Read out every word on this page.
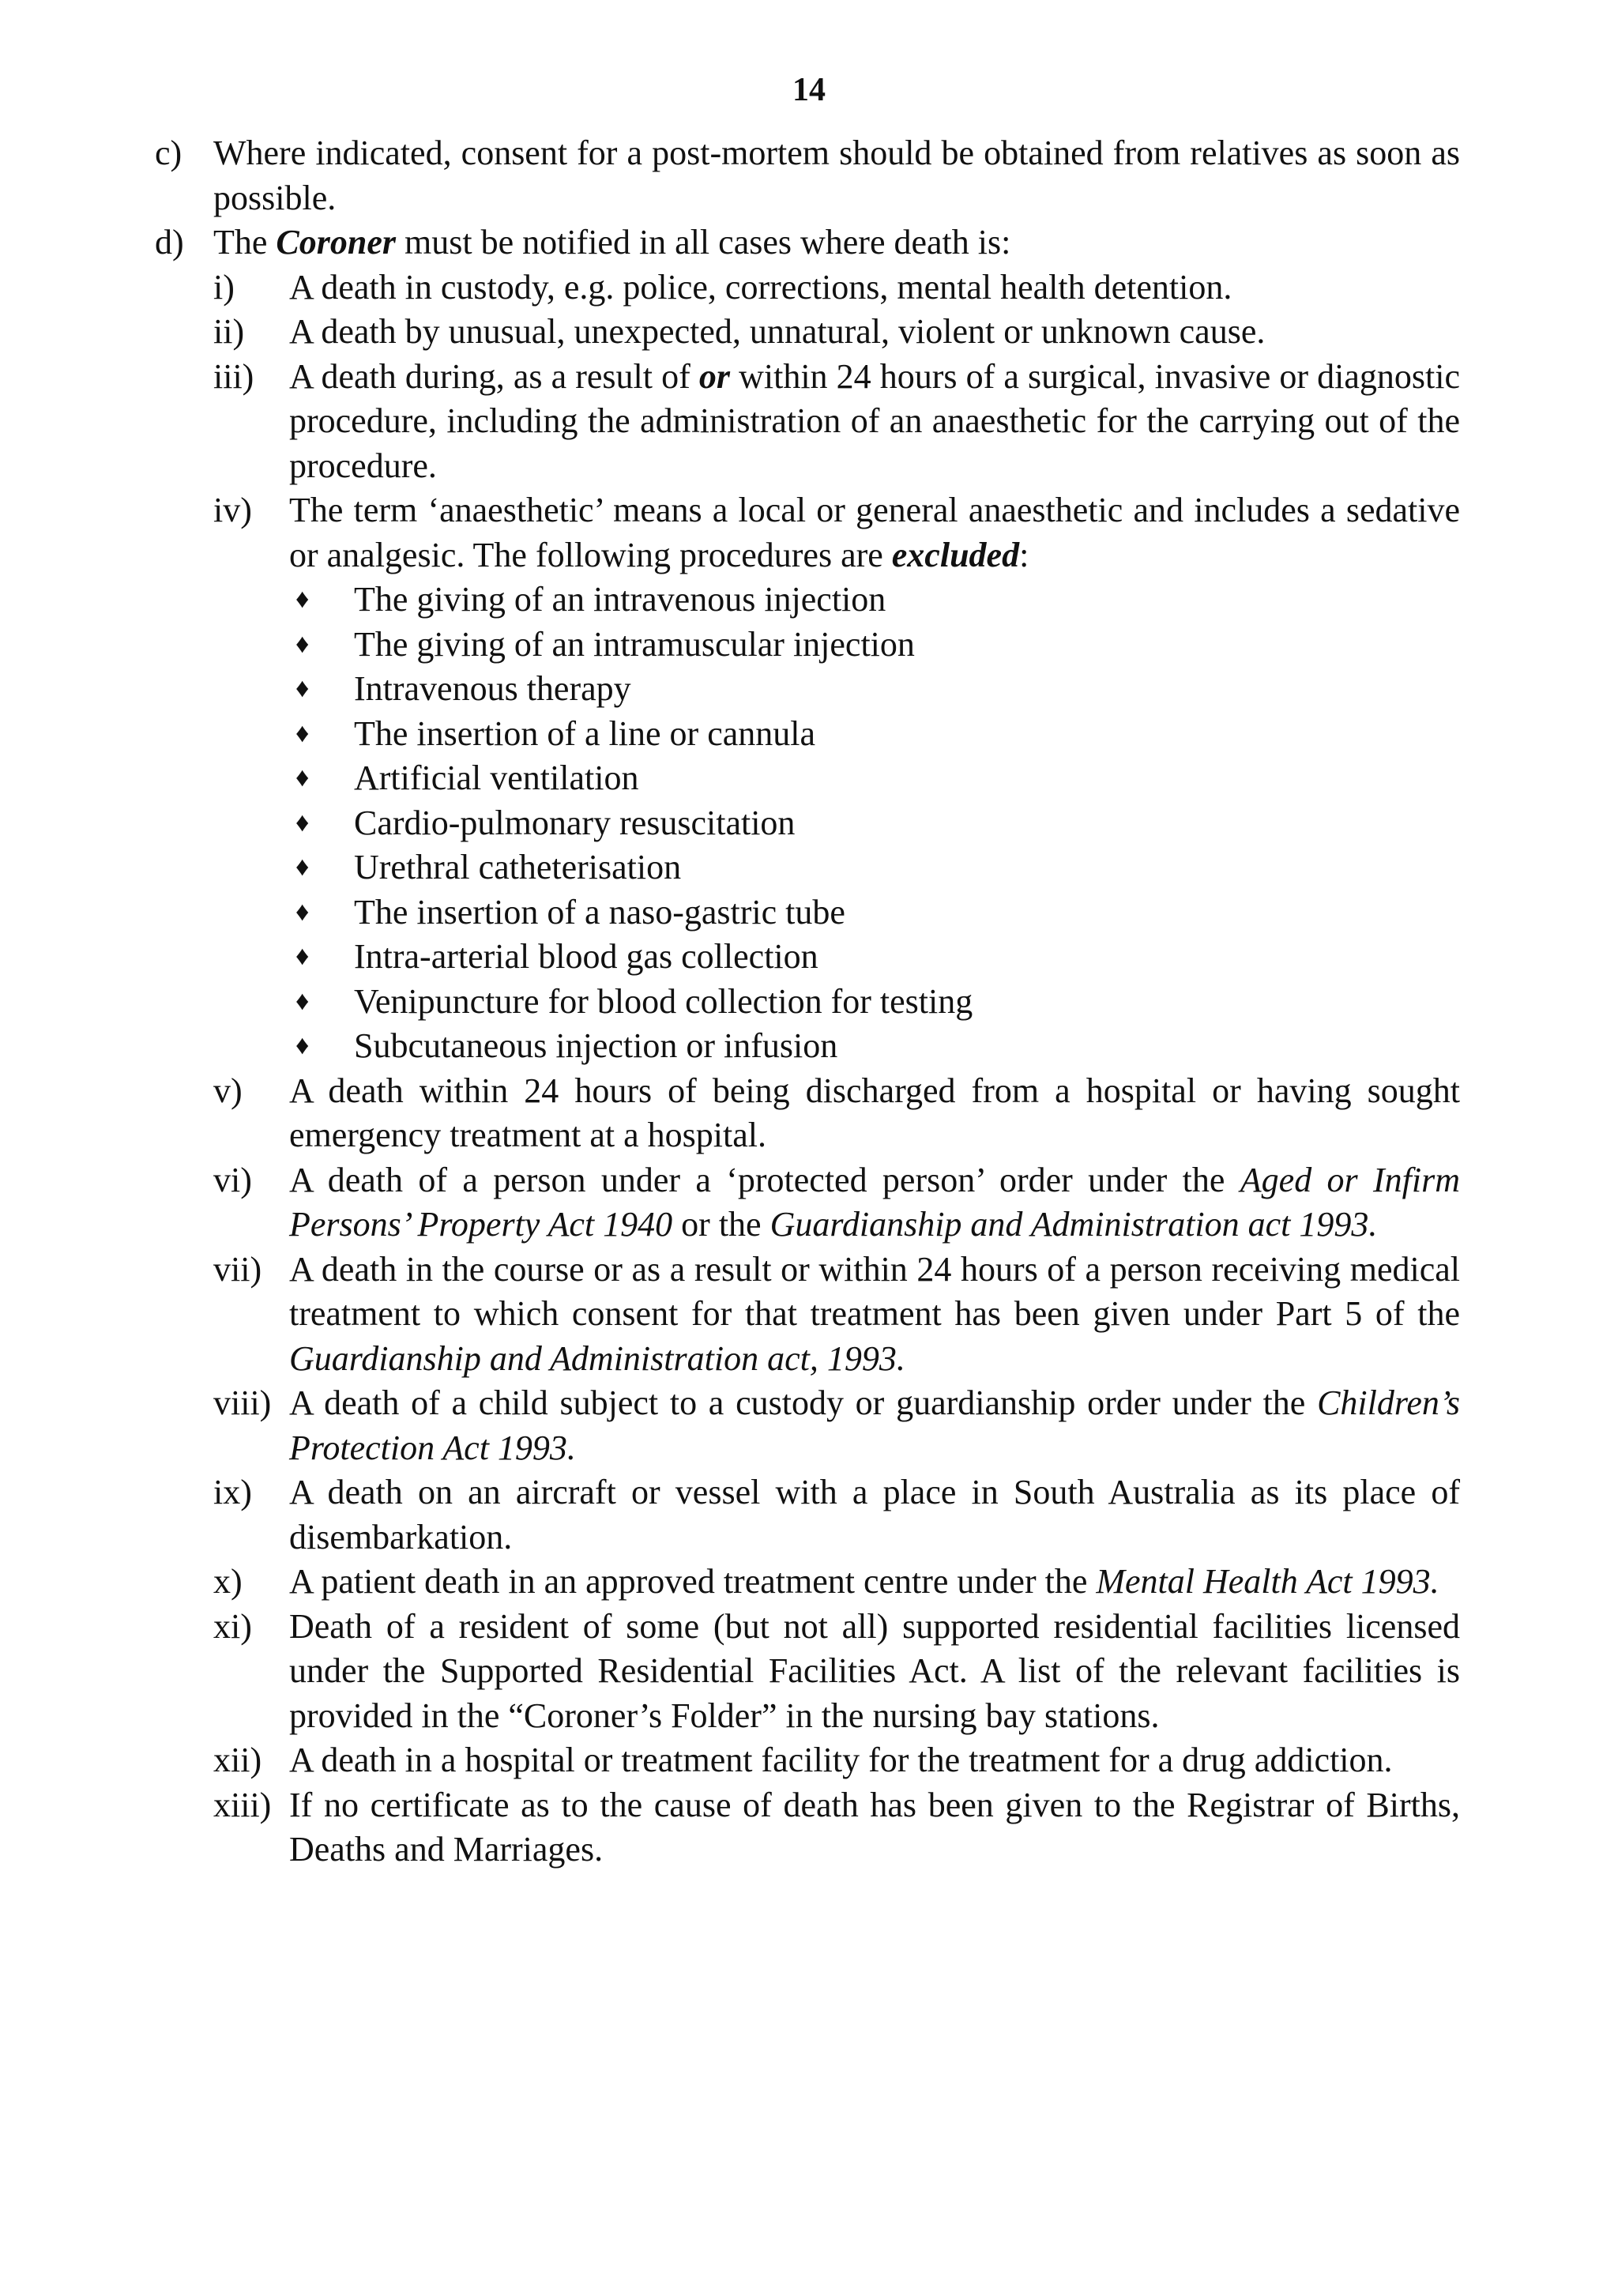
14
c) Where indicated, consent for a post-mortem should be obtained from relatives as soon as possible.
d) The Coroner must be notified in all cases where death is:
i) A death in custody, e.g. police, corrections, mental health detention.
ii) A death by unusual, unexpected, unnatural, violent or unknown cause.
iii) A death during, as a result of or within 24 hours of a surgical, invasive or diagnostic procedure, including the administration of an anaesthetic for the carrying out of the procedure.
iv) The term ‘anaesthetic’ means a local or general anaesthetic and includes a sedative or analgesic. The following procedures are excluded:
♦ The giving of an intravenous injection
♦ The giving of an intramuscular injection
♦ Intravenous therapy
♦ The insertion of a line or cannula
♦ Artificial ventilation
♦ Cardio-pulmonary resuscitation
♦ Urethral catheterisation
♦ The insertion of a naso-gastric tube
♦ Intra-arterial blood gas collection
♦ Venipuncture for blood collection for testing
♦ Subcutaneous injection or infusion
v) A death within 24 hours of being discharged from a hospital or having sought emergency treatment at a hospital.
vi) A death of a person under a ‘protected person’ order under the Aged or Infirm Persons’ Property Act 1940 or the Guardianship and Administration act 1993.
vii) A death in the course or as a result or within 24 hours of a person receiving medical treatment to which consent for that treatment has been given under Part 5 of the Guardianship and Administration act, 1993.
viii) A death of a child subject to a custody or guardianship order under the Children’s Protection Act 1993.
ix) A death on an aircraft or vessel with a place in South Australia as its place of disembarkation.
x) A patient death in an approved treatment centre under the Mental Health Act 1993.
xi) Death of a resident of some (but not all) supported residential facilities licensed under the Supported Residential Facilities Act. A list of the relevant facilities is provided in the “Coroner’s Folder” in the nursing bay stations.
xii) A death in a hospital or treatment facility for the treatment for a drug addiction.
xiii) If no certificate as to the cause of death has been given to the Registrar of Births, Deaths and Marriages.
